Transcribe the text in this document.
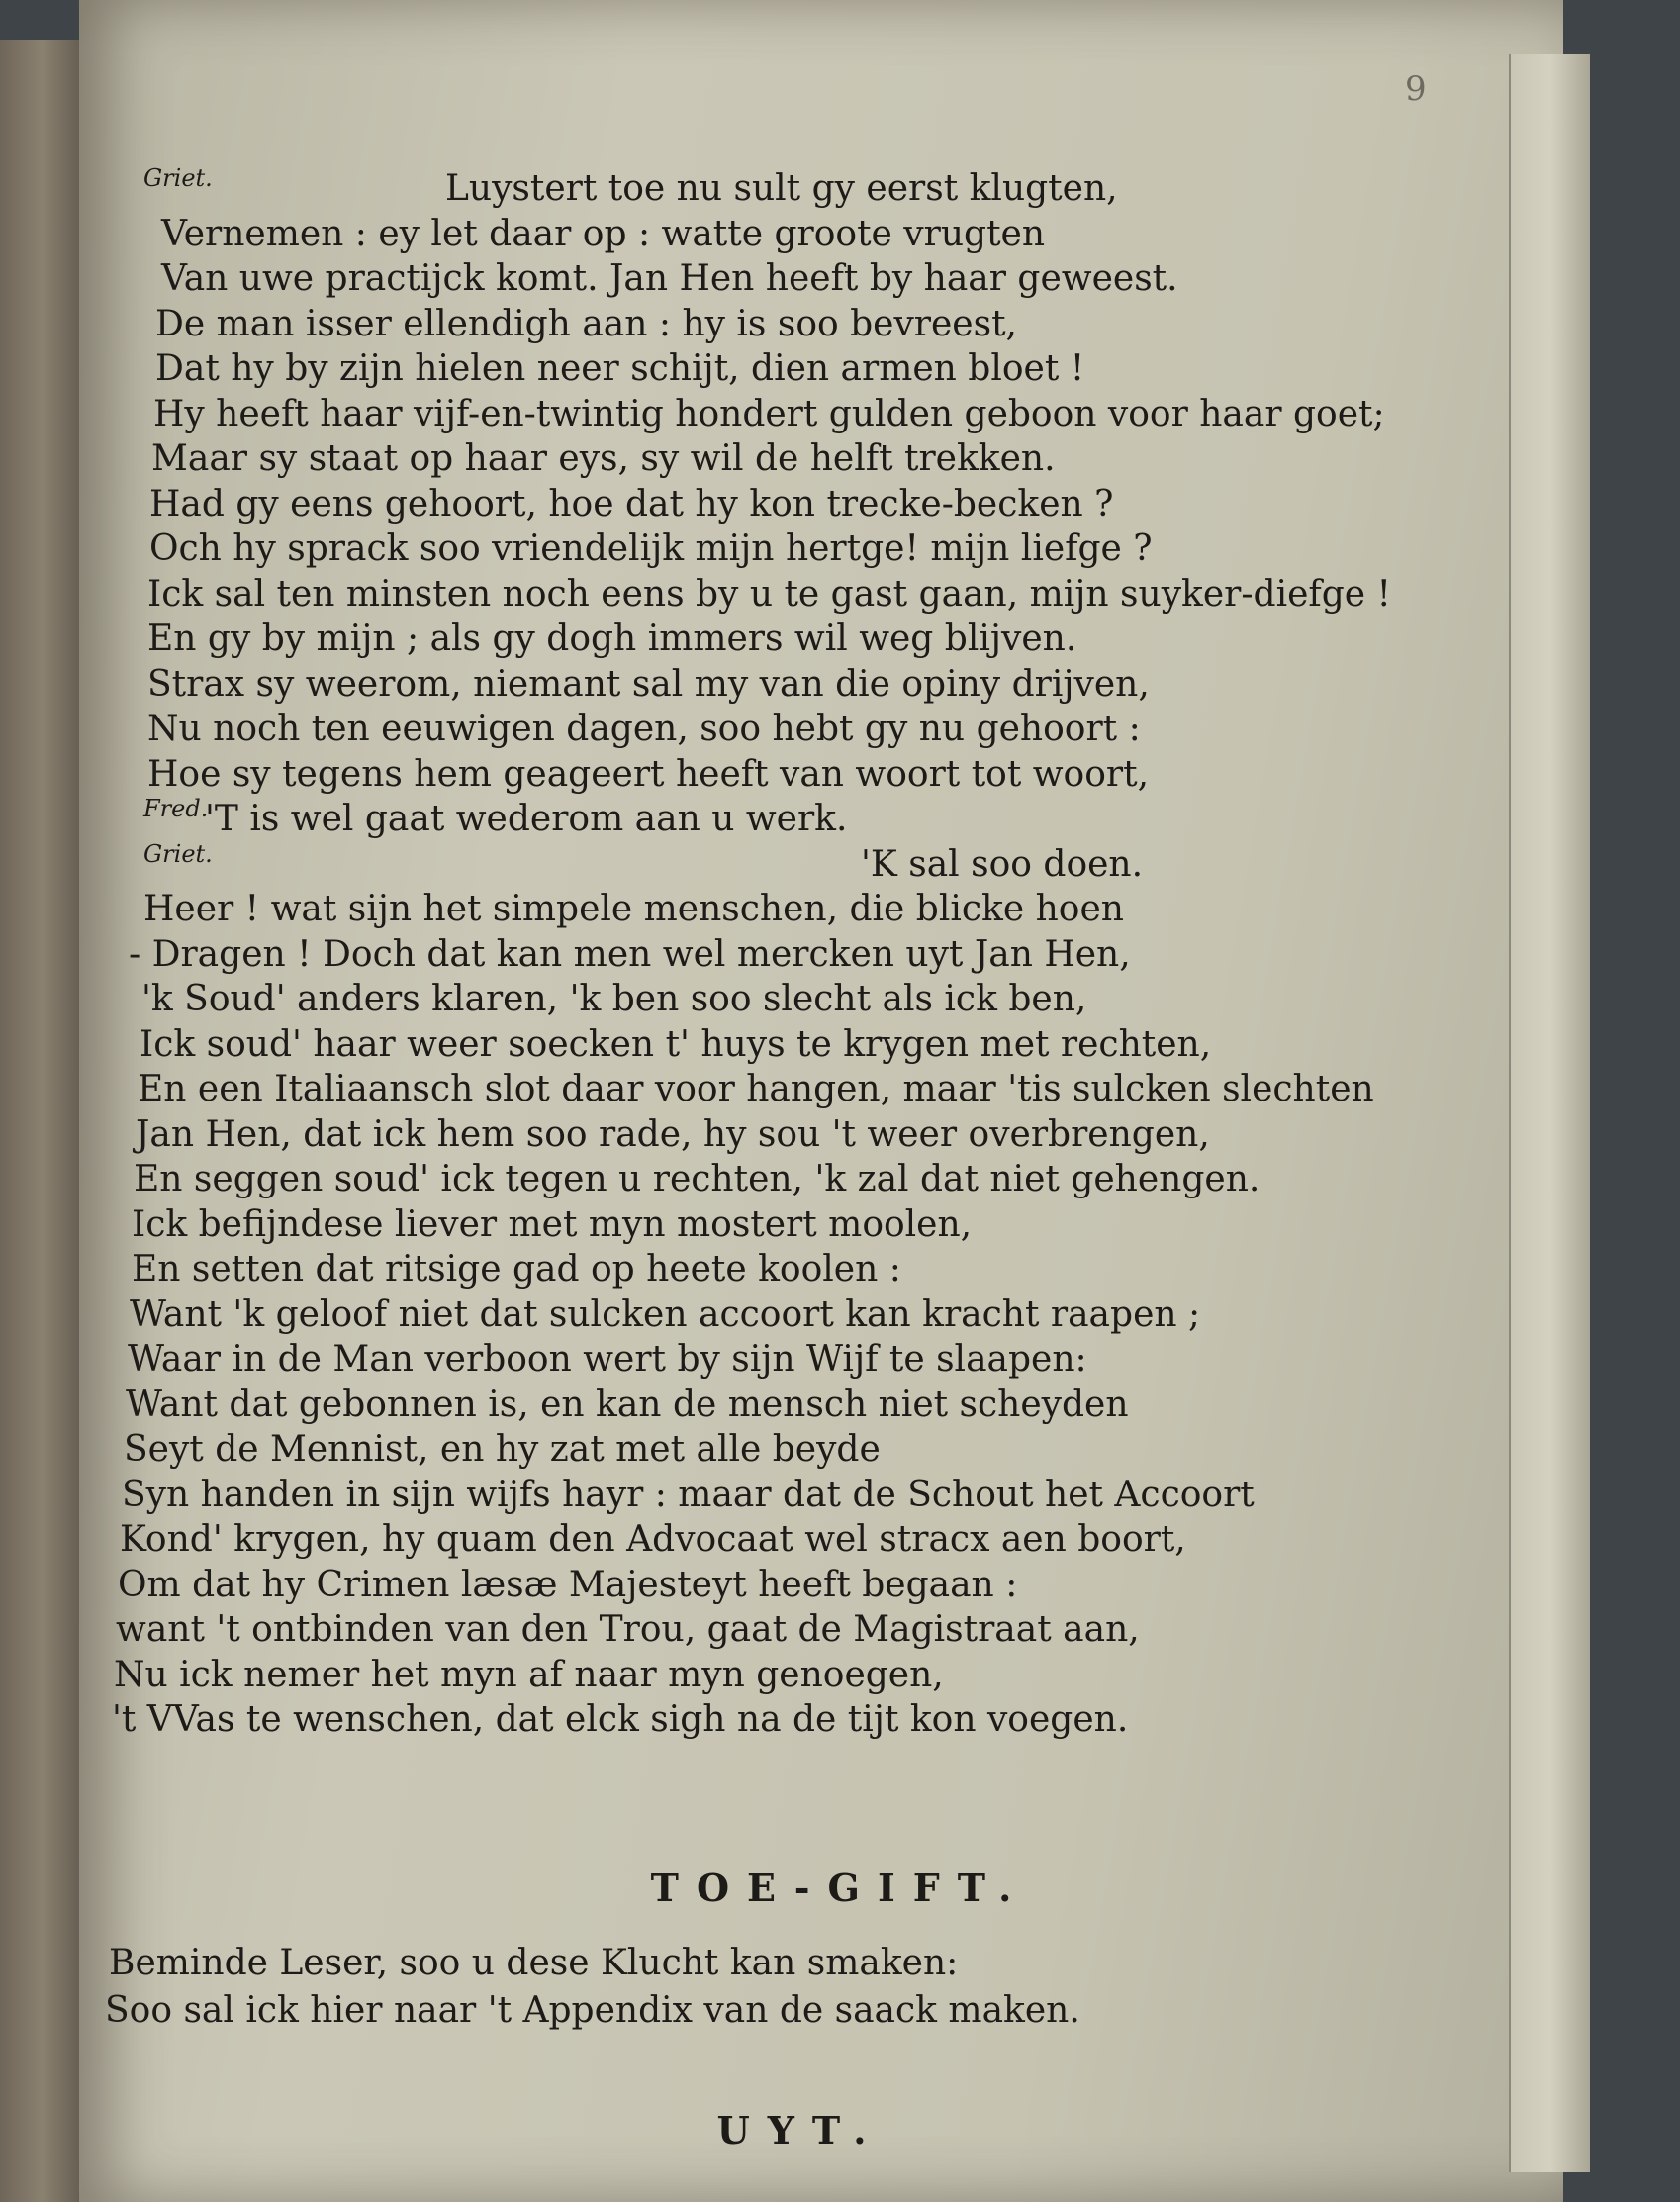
9
Griet.	Luystert toe nu sult gy eerst klugten,
Vernemen : ey let daar op : watte groote vrugten
Van uwe practijck komt. Jan Hen heeft by haar geweest.
De man isser ellendigh aan : hy is soo bevreest,
Dat hy by zijn hielen neer schijt, dien armen bloet !
Hy heeft haar vijf-en-twintig hondert gulden geboon voor haar goet;
Maar sy staat op haar eys, sy wil de helft trekken.
Had gy eens gehoort, hoe dat hy kon trecke-becken ?
Och hy sprack soo vriendelijk mijn hertge! mijn liefge ?
Ick sal ten minsten noch eens by u te gast gaan, mijn suyker-diefge !
En gy by mijn ; als gy dogh immers wil weg blijven.
Strax sy weerom, niemant sal my van die opiny drijven,
Nu noch ten eeuwigen dagen, soo hebt gy nu gehoort :
Hoe sy tegens hem geageert heeft van woort tot woort,
Fred.
'T is wel gaat wederom aan u werk.
Griet.	'K sal soo doen.
Heer ! wat sijn het simpele menschen, die blicke hoen
- Dragen ! Doch dat kan men wel mercken uyt Jan Hen,
'k Soud' anders klaren, 'k ben soo slecht als ick ben,
Ick soud' haar weer soecken t' huys te krygen met rechten,
En een Italiaansch slot daar voor hangen, maar 'tis sulcken slechten
Jan Hen, dat ick hem soo rade, hy sou 't weer overbrengen,
En seggen soud' ick tegen u rechten, 'k zal dat niet gehengen.
Ick befijndese liever met myn mostert moolen,
En setten dat ritsige gad op heete koolen :
Want 'k geloof niet dat sulcken accoort kan kracht raapen ;
Waar in de Man verboon wert by sijn Wijf te slaapen:
Want dat gebonnen is, en kan de mensch niet scheyden
Seyt de Mennist, en hy zat met alle beyde
Syn handen in sijn wijfs hayr : maar dat de Schout het Accoort
Kond' krygen, hy quam den Advocaat wel stracx aen boort,
Om dat hy Crimen læsæ Majesteyt heeft begaan :
want 't ontbinden van den Trou, gaat de Magistraat aan,
Nu ick nemer het myn af naar myn genoegen,
't VVas te wenschen, dat elck sigh na de tijt kon voegen.
TOE-GIFT.
Beminde Leser, soo u dese Klucht kan smaken:
Soo sal ick hier naar 't Appendix van de saack maken.
UYT.
